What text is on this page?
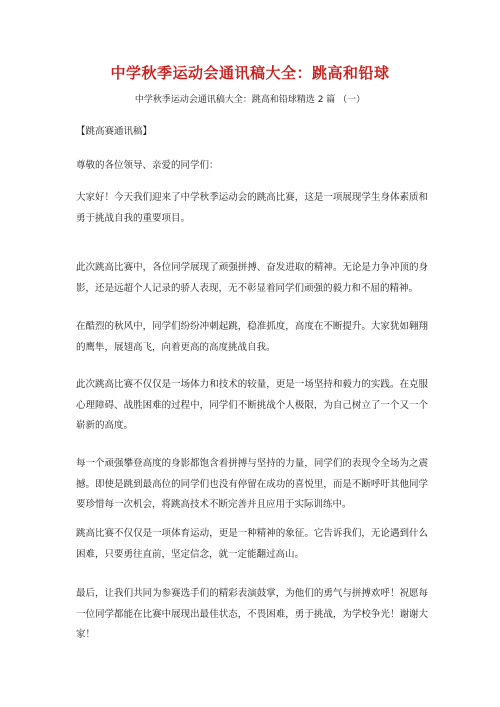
中学秋季运动会通讯稿大全：跳高和铅球
中学秋季运动会通讯稿大全：跳高和铅球精选 2 篇 （一）
【跳高赛通讯稿】
尊敬的各位领导、亲爱的同学们：
大家好！今天我们迎来了中学秋季运动会的跳高比赛，这是一项展现学生身体素质和勇于挑战自我的重要项目。
此次跳高比赛中，各位同学展现了顽强拼搏、奋发进取的精神。无论是力争冲顶的身影，还是远超个人记录的骄人表现，无不彰显着同学们顽强的毅力和不屈的精神。
在酷烈的秋风中，同学们纷纷冲刺起跳，稳准抓度，高度在不断提升。大家犹如翱翔的鹰隼，展翅高飞，向着更高的高度挑战自我。
此次跳高比赛不仅仅是一场体力和技术的较量，更是一场坚持和毅力的实践。在克服心理障碍、战胜困难的过程中，同学们不断挑战个人极限，为自己树立了一个又一个崭新的高度。
每一个顽强攀登高度的身影都饱含着拼搏与坚持的力量，同学们的表现令全场为之震撼。即使是跳到最高位的同学们也没有停留在成功的喜悦里，而是不断呼吁其他同学要珍惜每一次机会，将跳高技术不断完善并且应用于实际训练中。
跳高比赛不仅仅是一项体育运动，更是一种精神的象征。它告诉我们，无论遇到什么困难，只要勇往直前，坚定信念，就一定能翻过高山。
最后，让我们共同为参赛选手们的精彩表演鼓掌，为他们的勇气与拼搏欢呼！祝愿每一位同学都能在比赛中展现出最佳状态，不畏困难，勇于挑战，为学校争光！谢谢大家！
